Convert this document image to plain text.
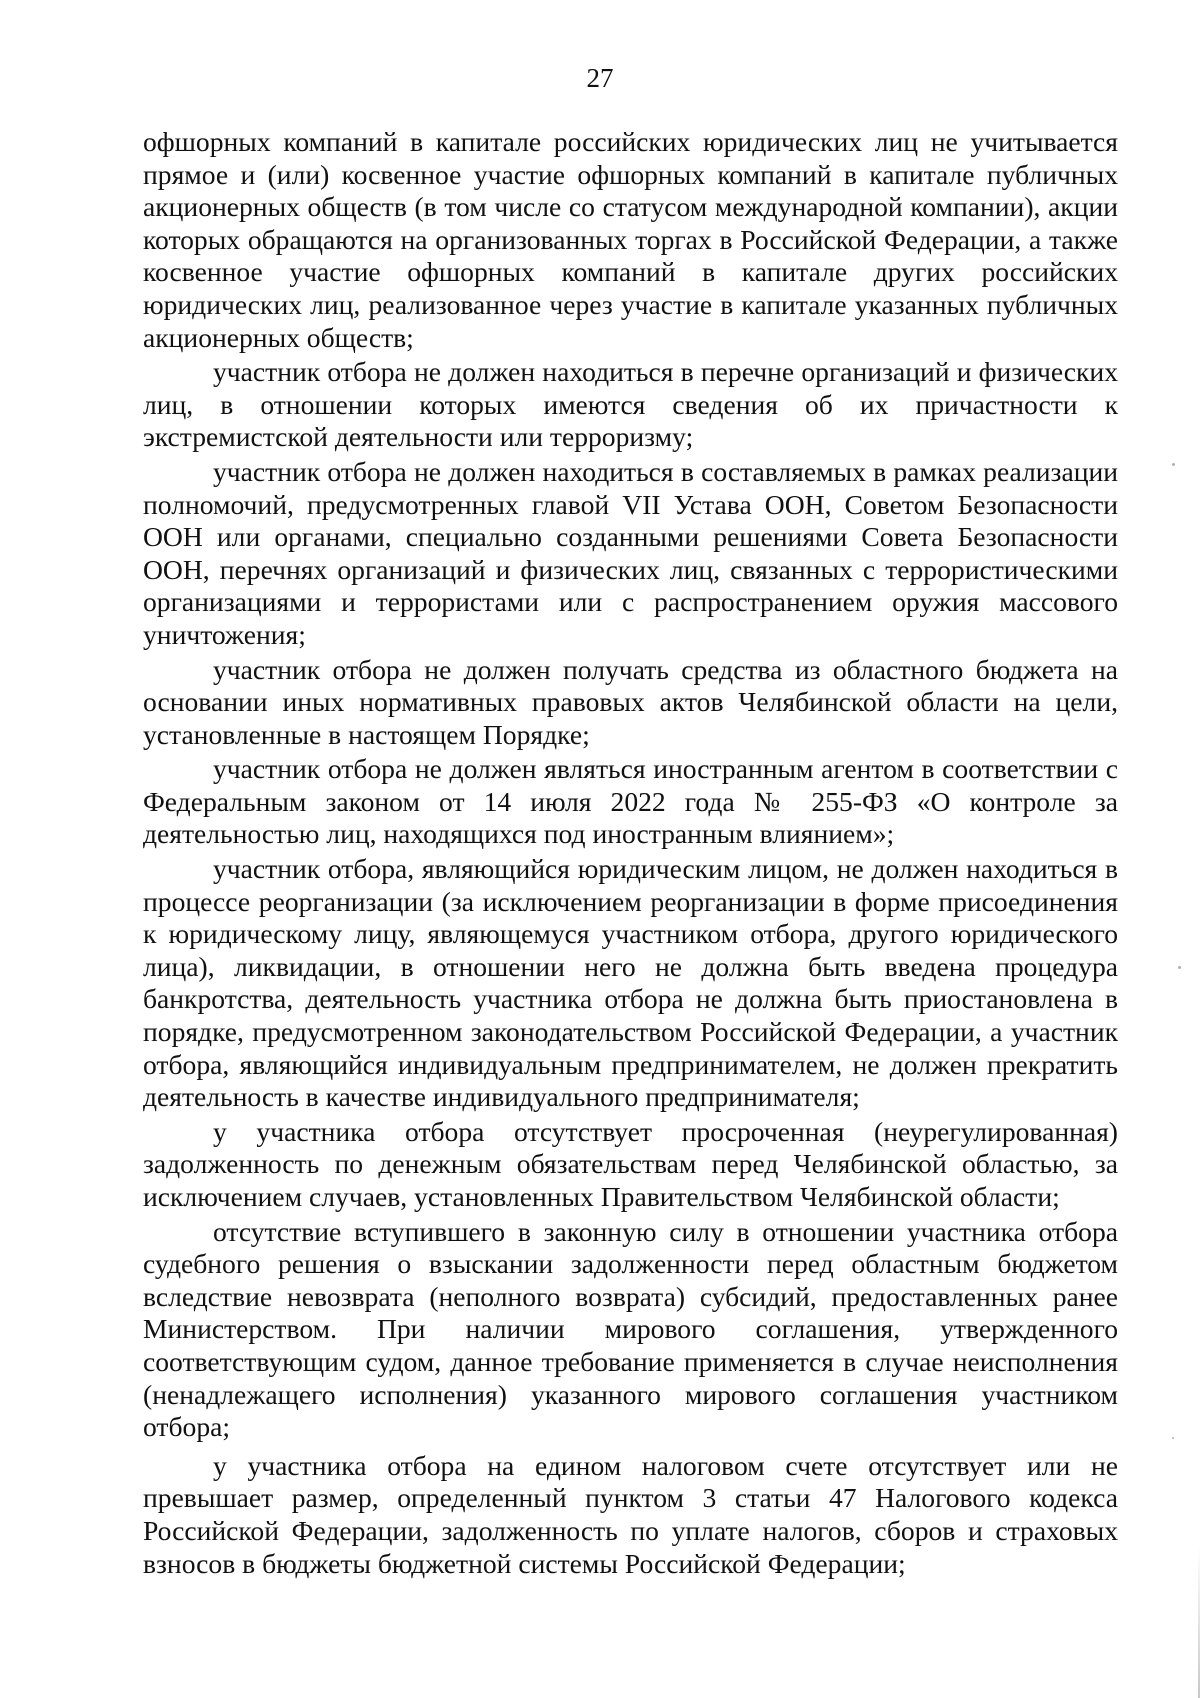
27

офшорных компаний в капитале российских юридических лиц не учитывается прямое и (или) косвенное участие офшорных компаний в капитале публичных акционерных обществ (в том числе со статусом международной компании), акции которых обращаются на организованных торгах в Российской Федерации, а также косвенное участие офшорных компаний в капитале других российских юридических лиц, реализованное через участие в капитале указанных публичных акционерных обществ;

участник отбора не должен находиться в перечне организаций и физических лиц, в отношении которых имеются сведения об их причастности к экстремистской деятельности или терроризму;

участник отбора не должен находиться в составляемых в рамках реализации полномочий, предусмотренных главой VII Устава ООН, Советом Безопасности ООН или органами, специально созданными решениями Совета Безопасности ООН, перечнях организаций и физических лиц, связанных с террористическими организациями и террористами или с распространением оружия массового уничтожения;

участник отбора не должен получать средства из областного бюджета на основании иных нормативных правовых актов Челябинской области на цели, установленные в настоящем Порядке;

участник отбора не должен являться иностранным агентом в соответствии с Федеральным законом от 14 июля 2022 года № 255-ФЗ «О контроле за деятельностью лиц, находящихся под иностранным влиянием»;

участник отбора, являющийся юридическим лицом, не должен находиться в процессе реорганизации (за исключением реорганизации в форме присоединения к юридическому лицу, являющемуся участником отбора, другого юридического лица), ликвидации, в отношении него не должна быть введена процедура банкротства, деятельность участника отбора не должна быть приостановлена в порядке, предусмотренном законодательством Российской Федерации, а участник отбора, являющийся индивидуальным предпринимателем, не должен прекратить деятельность в качестве индивидуального предпринимателя;

у участника отбора отсутствует просроченная (неурегулированная) задолженность по денежным обязательствам перед Челябинской областью, за исключением случаев, установленных Правительством Челябинской области;

отсутствие вступившего в законную силу в отношении участника отбора судебного решения о взыскании задолженности перед областным бюджетом вследствие невозврата (неполного возврата) субсидий, предоставленных ранее Министерством. При наличии мирового соглашения, утвержденного соответствующим судом, данное требование применяется в случае неисполнения (ненадлежащего исполнения) указанного мирового соглашения участником отбора;

у участника отбора на едином налоговом счете отсутствует или не превышает размер, определенный пунктом 3 статьи 47 Налогового кодекса Российской Федерации, задолженность по уплате налогов, сборов и страховых взносов в бюджеты бюджетной системы Российской Федерации;
